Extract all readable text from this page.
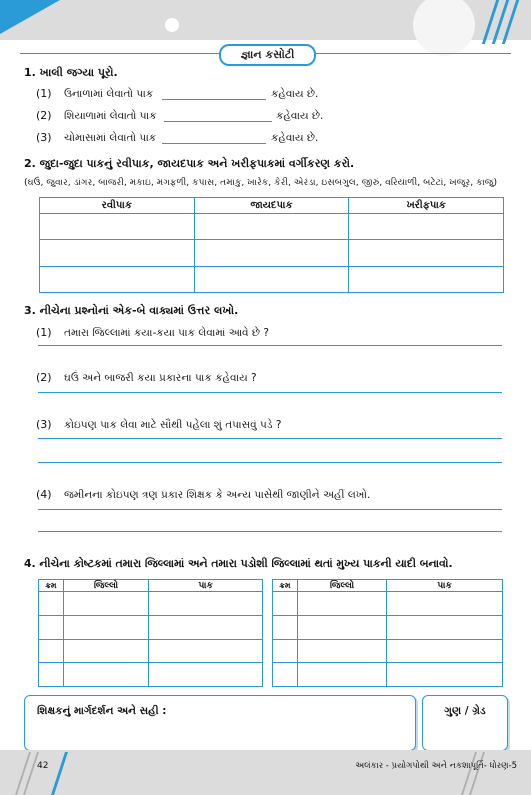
જ્ઞાન કસોટી
1. ખાલી જગ્યા પૂરો.
(1) ઉનાળામાં લેવાતો પાક	કહેવાય છે.
(2) શિયાળામાં લેવાતો પાક	કહેવાય છે.
(3) ચોમાસામાં લેવાતો પાક	કહેવાય છે.
2. જુદા-જુદા પાકનું રવીપાક, જાયદપાક અને ખરીફપાકમાં વર્ગીકરણ કરો.
(ઘઉં, જુવાર, ડાંગર, બાજરી, મકાઇ, મગફળી, કપાસ, તમાકુ, ખારેક, કેરી, એરંડા, ઇસબગુલ, જીરું, વરિયાળી, બટેટાં, ખજૂર, કાજુ)
રવીપાક	જાયદપાક	ખરીફપાક

3. નીચેના પ્રશ્નોનાં એક-બે વાક્યમાં ઉત્તર લખો.
(1) તમારા જિલ્લામાં કયા-કયા પાક લેવામાં આવે છે ?
(2) ઘઉં અને બાજરી કયા પ્રકારના પાક કહેવાય ?
(3) કોઇપણ પાક લેવા માટે સૌથી પહેલા શું તપાસવું પડે ?
(4) જમીનના કોઇપણ ત્રણ પ્રકાર શિક્ષક કે અન્ય પાસેથી જાણીને અહીં લખો.
4. નીચેના કોષ્ટકમાં તમારા જિલ્લામાં અને તમારા પડોશી જિલ્લામાં થતાં મુખ્ય પાકની યાદી બનાવો.
ક્રમ	જિલ્લો	પાક

			ક્રમ	જિલ્લો	પાક

શિક્ષકનું માર્ગદર્શન અને સહી :	ગુણ / ગ્રેડ
42	અલંકાર - પ્રયોગપોથી અને નકશાપૂર્તિ- ધોરણ-5
